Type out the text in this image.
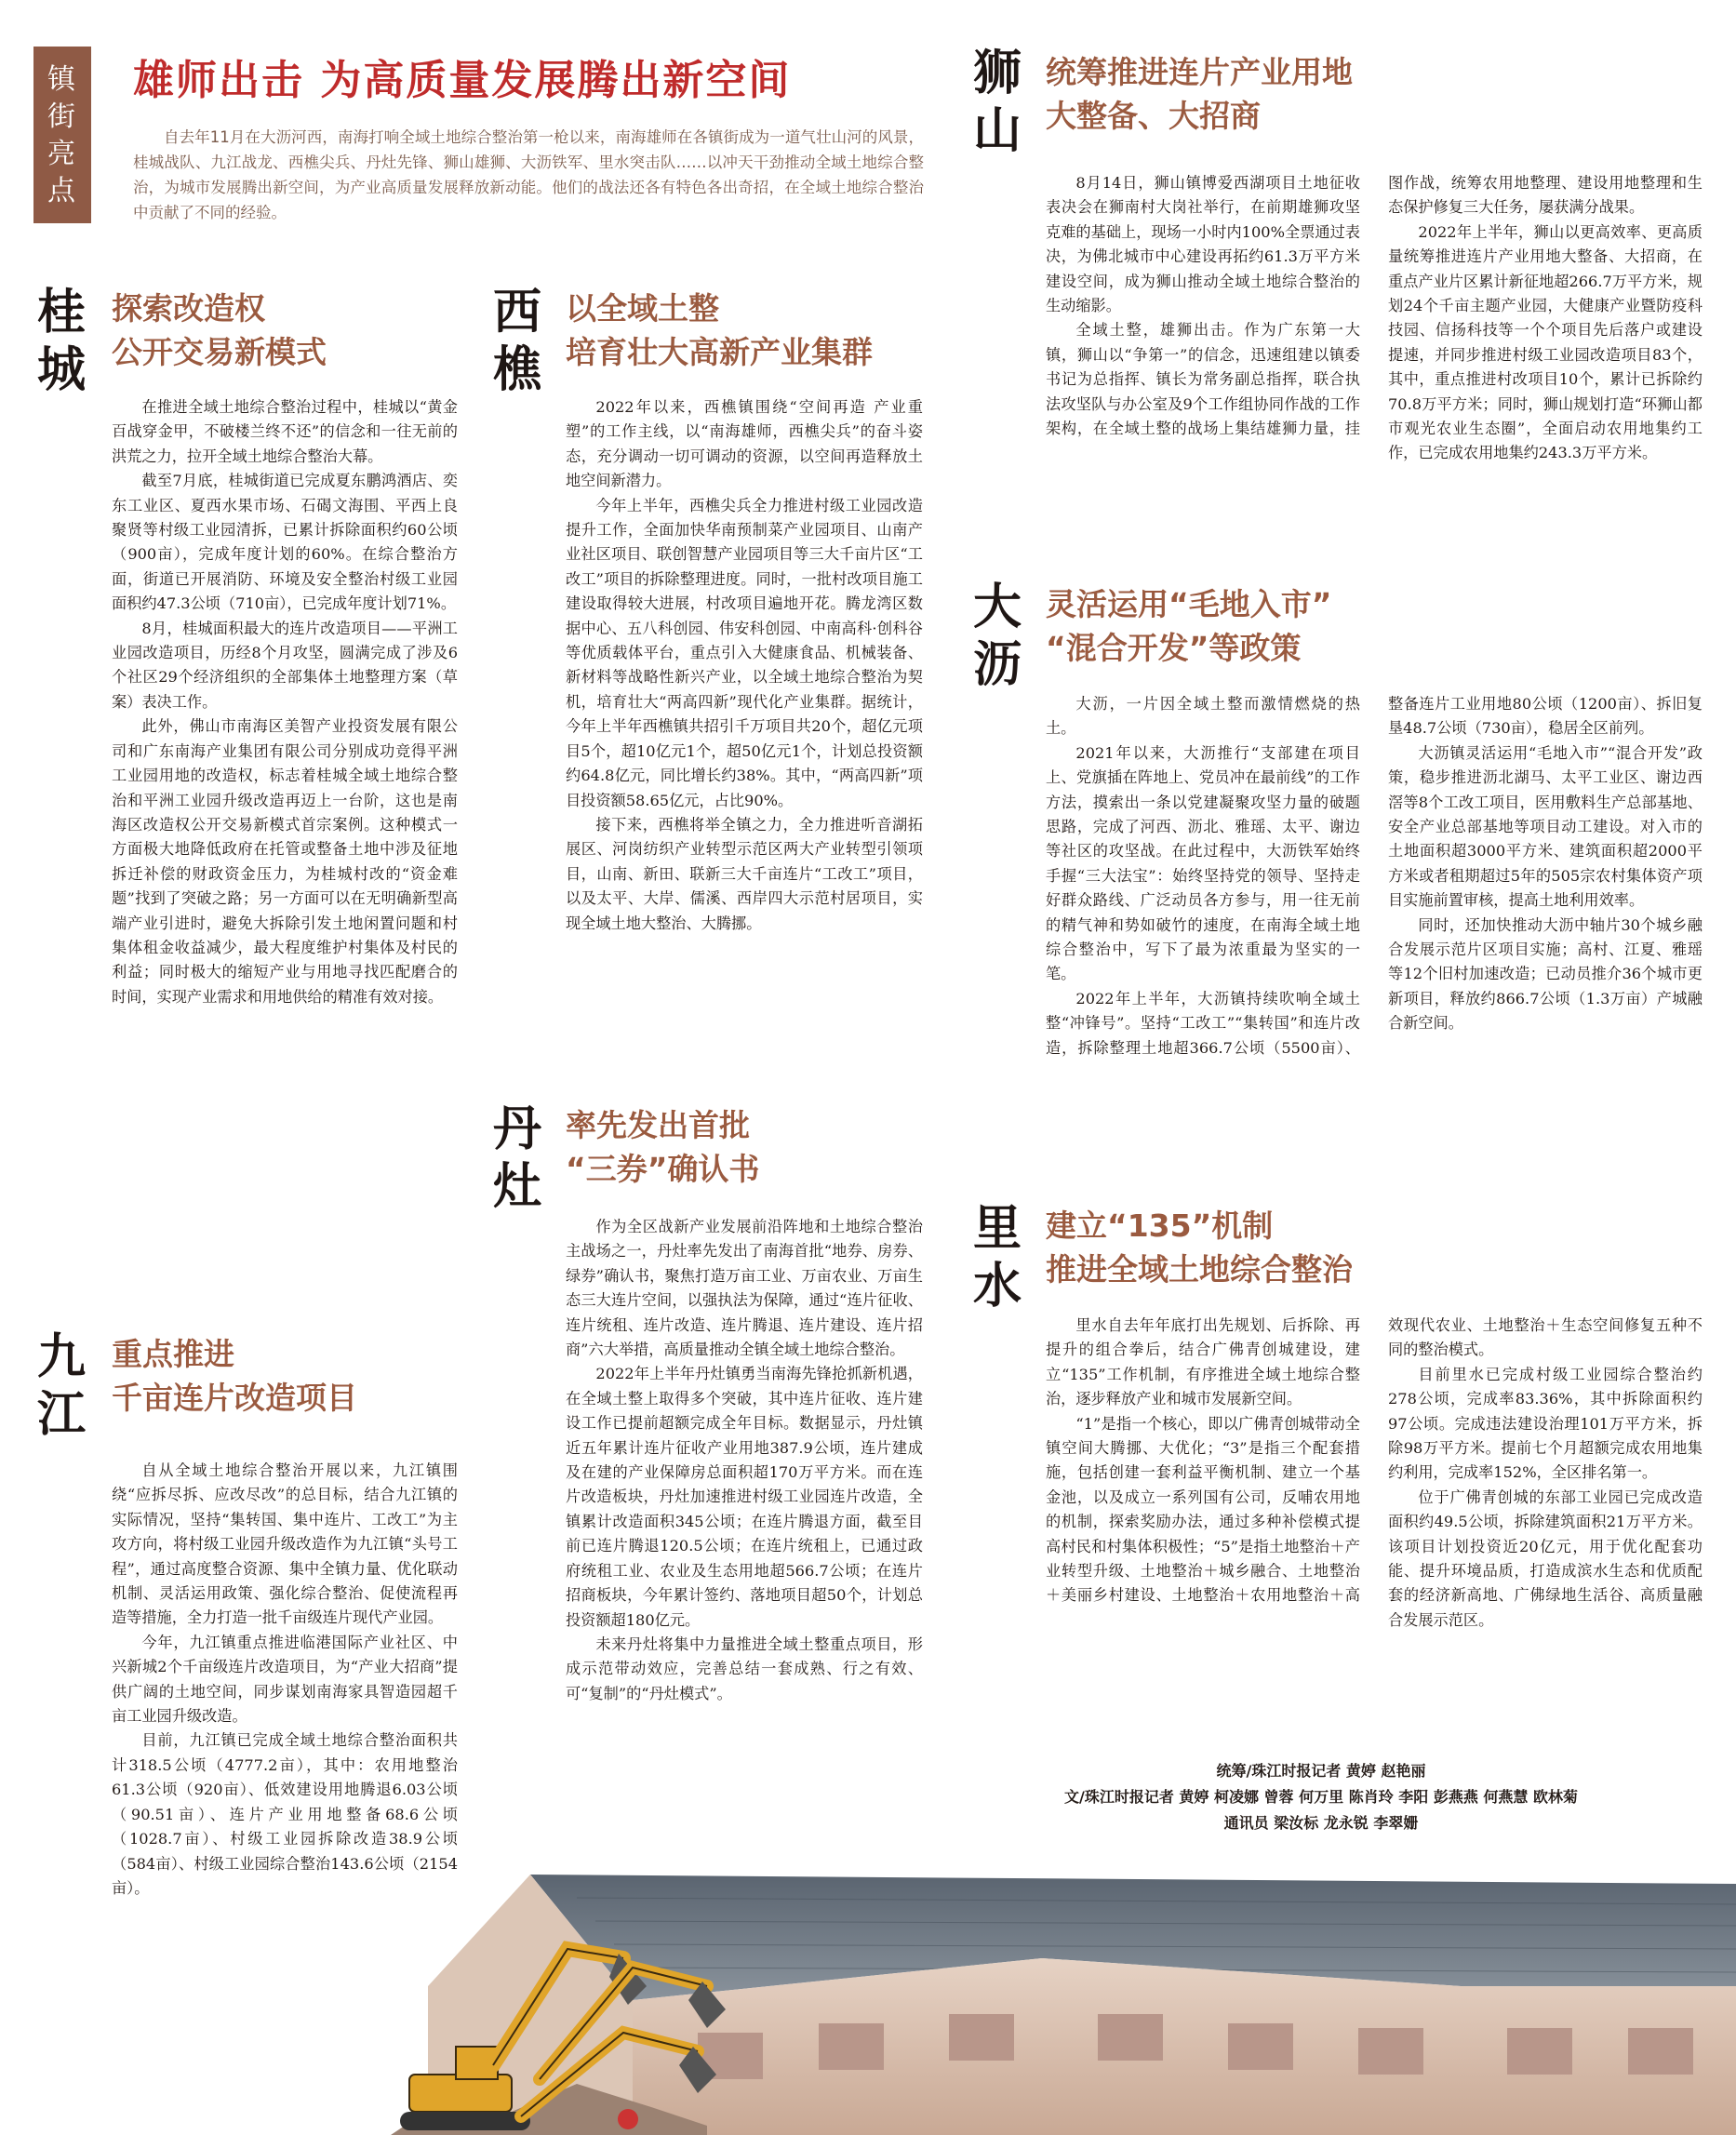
镇街亮点
雄师出击 为高质量发展腾出新空间
自去年11月在大沥河西，南海打响全域土地综合整治第一枪以来，南海雄师在各镇街成为一道气壮山河的风景，桂城战队、九江战龙、西樵尖兵、丹灶先锋、狮山雄狮、大沥铁军、里水突击队……以冲天干劲推动全域土地综合整治，为城市发展腾出新空间，为产业高质量发展释放新动能。他们的战法还各有特色各出奇招，在全域土地综合整治中贡献了不同的经验。
桂城
探索改造权
公开交易新模式

在推进全域土地综合整治过程中，桂城以“黄金百战穿金甲，不破楼兰终不还”的信念和一往无前的洪荒之力，拉开全域土地综合整治大幕。

截至7月底，桂城街道已完成夏东鹏鸿酒店、奕东工业区、夏西水果市场、石碣文海围、平西上良聚贤等村级工业园清拆，已累计拆除面积约60公顷（900亩），完成年度计划的60%。在综合整治方面，街道已开展消防、环境及安全整治村级工业园面积约47.3公顷（710亩），已完成年度计划71%。

8月，桂城面积最大的连片改造项目——平洲工业园改造项目，历经8个月攻坚，圆满完成了涉及6个社区29个经济组织的全部集体土地整理方案（草案）表决工作。

此外，佛山市南海区美智产业投资发展有限公司和广东南海产业集团有限公司分别成功竞得平洲工业园用地的改造权，标志着桂城全域土地综合整治和平洲工业园升级改造再迈上一台阶，这也是南海区改造权公开交易新模式首宗案例。这种模式一方面极大地降低政府在托管或整备土地中涉及征地拆迁补偿的财政资金压力，为桂城村改的“资金难题”找到了突破之路；另一方面可以在无明确新型高端产业引进时，避免大拆除引发土地闲置问题和村集体租金收益减少，最大程度维护村集体及村民的利益；同时极大的缩短产业与用地寻找匹配磨合的时间，实现产业需求和用地供给的精准有效对接。

九江
重点推进
千亩连片改造项目

自从全域土地综合整治开展以来，九江镇围绕“应拆尽拆、应改尽改”的总目标，结合九江镇的实际情况，坚持“集转国、集中连片、工改工”为主攻方向，将村级工业园升级改造作为九江镇“头号工程”，通过高度整合资源、集中全镇力量、优化联动机制、灵活运用政策、强化综合整治、促使流程再造等措施，全力打造一批千亩级连片现代产业园。

今年，九江镇重点推进临港国际产业社区、中兴新城2个千亩级连片改造项目，为“产业大招商”提供广阔的土地空间，同步谋划南海家具智造园超千亩工业园升级改造。

目前，九江镇已完成全域土地综合整治面积共计318.5公顷（4777.2亩），其中：农用地整治61.3公顷（920亩）、低效建设用地腾退6.03公顷（90.51亩）、连片产业用地整备68.6公顷（1028.7亩）、村级工业园拆除改造38.9公顷（584亩）、村级工业园综合整治143.6公顷（2154亩）。

西樵
以全域土整
培育壮大高新产业集群

2022年以来，西樵镇围绕“空间再造 产业重塑”的工作主线，以“南海雄师，西樵尖兵”的奋斗姿态，充分调动一切可调动的资源，以空间再造释放土地空间新潜力。

今年上半年，西樵尖兵全力推进村级工业园改造提升工作，全面加快华南预制菜产业园项目、山南产业社区项目、联创智慧产业园项目等三大千亩片区“工改工”项目的拆除整理进度。同时，一批村改项目施工建设取得较大进展，村改项目遍地开花。腾龙湾区数据中心、五八科创园、伟安科创园、中南高科·创科谷等优质载体平台，重点引入大健康食品、机械装备、新材料等战略性新兴产业，以全域土地综合整治为契机，培育壮大“两高四新”现代化产业集群。据统计，今年上半年西樵镇共招引千万项目共20个，超亿元项目5个，超10亿元1个，超50亿元1个，计划总投资额约64.8亿元，同比增长约38%。其中，“两高四新”项目投资额58.65亿元，占比90%。

接下来，西樵将举全镇之力，全力推进听音湖拓展区、河岗纺织产业转型示范区两大产业转型引领项目，山南、新田、联新三大千亩连片“工改工”项目，以及太平、大岸、儒溪、西岸四大示范村居项目，实现全域土地大整治、大腾挪。

丹灶
率先发出首批
“三券”确认书

作为全区战新产业发展前沿阵地和土地综合整治主战场之一，丹灶率先发出了南海首批“地券、房券、绿券”确认书，聚焦打造万亩工业、万亩农业、万亩生态三大连片空间，以强执法为保障，通过“连片征收、连片统租、连片改造、连片腾退、连片建设、连片招商”六大举措，高质量推动全镇全域土地综合整治。

2022年上半年丹灶镇勇当南海先锋抢抓新机遇，在全域土整上取得多个突破，其中连片征收、连片建设工作已提前超额完成全年目标。数据显示，丹灶镇近五年累计连片征收产业用地387.9公顷，连片建成及在建的产业保障房总面积超170万平方米。而在连片改造板块，丹灶加速推进村级工业园连片改造，全镇累计改造面积345公顷；在连片腾退方面，截至目前已连片腾退120.5公顷；在连片统租上，已通过政府统租工业、农业及生态用地超566.7公顷；在连片招商板块，今年累计签约、落地项目超50个，计划总投资额超180亿元。

未来丹灶将集中力量推进全域土整重点项目，形成示范带动效应，完善总结一套成熟、行之有效、可“复制”的“丹灶模式”。

狮山
统筹推进连片产业用地
大整备、大招商

8月14日，狮山镇博爱西湖项目土地征收表决会在狮南村大岗社举行，在前期雄狮攻坚克难的基础上，现场一小时内100%全票通过表决，为佛北城市中心建设再拓约61.3万平方米建设空间，成为狮山推动全域土地综合整治的生动缩影。

全域土整，雄狮出击。作为广东第一大镇，狮山以“争第一”的信念，迅速组建以镇委书记为总指挥、镇长为常务副总指挥，联合执法攻坚队与办公室及9个工作组协同作战的工作架构，在全域土整的战场上集结雄狮力量，挂图作战，统筹农用地整理、建设用地整理和生态保护修复三大任务，屡获满分战果。

2022年上半年，狮山以更高效率、更高质量统筹推进连片产业用地大整备、大招商，在重点产业片区累计新征地超266.7万平方米，规划24个千亩主题产业园，大健康产业暨防疫科技园、信扬科技等一个个项目先后落户或建设提速，并同步推进村级工业园改造项目83个，其中，重点推进村改项目10个，累计已拆除约70.8万平方米；同时，狮山规划打造“环狮山都市观光农业生态圈”，全面启动农用地集约工作，已完成农用地集约243.3万平方米。

大沥
灵活运用“毛地入市”
“混合开发”等政策

大沥，一片因全域土整而激情燃烧的热土。

2021年以来，大沥推行“支部建在项目上、党旗插在阵地上、党员冲在最前线”的工作方法，摸索出一条以党建凝聚攻坚力量的破题思路，完成了河西、沥北、雅瑶、太平、谢边等社区的攻坚战。在此过程中，大沥铁军始终手握“三大法宝”：始终坚持党的领导、坚持走好群众路线、广泛动员各方参与，用一往无前的精气神和势如破竹的速度，在南海全域土地综合整治中，写下了最为浓重最为坚实的一笔。

2022年上半年，大沥镇持续吹响全域土整“冲锋号”。坚持“工改工”“集转国”和连片改造，拆除整理土地超366.7公顷（5500亩）、整备连片工业用地80公顷（1200亩）、拆旧复垦48.7公顷（730亩），稳居全区前列。

大沥镇灵活运用“毛地入市”“混合开发”政策，稳步推进沥北湖马、太平工业区、谢边西滘等8个工改工项目，医用敷料生产总部基地、安全产业总部基地等项目动工建设。对入市的土地面积超3000平方米、建筑面积超2000平方米或者租期超过5年的505宗农村集体资产项目实施前置审核，提高土地利用效率。

同时，还加快推动大沥中轴片30个城乡融合发展示范片区项目实施；高村、江夏、雅瑶等12个旧村加速改造；已动员推介36个城市更新项目，释放约866.7公顷（1.3万亩）产城融合新空间。

里水
建立“135”机制
推进全域土地综合整治

里水自去年年底打出先规划、后拆除、再提升的组合拳后，结合广佛青创城建设，建立“135”工作机制，有序推进全域土地综合整治，逐步释放产业和城市发展新空间。

“1”是指一个核心，即以广佛青创城带动全镇空间大腾挪、大优化；“3”是指三个配套措施，包括创建一套利益平衡机制、建立一个基金池，以及成立一系列国有公司，反哺农用地的机制，探索奖励办法，通过多种补偿模式提高村民和村集体积极性；“5”是指土地整治＋产业转型升级、土地整治＋城乡融合、土地整治＋美丽乡村建设、土地整治＋农用地整治＋高效现代农业、土地整治＋生态空间修复五种不同的整治模式。

目前里水已完成村级工业园综合整治约278公顷，完成率83.36%，其中拆除面积约97公顷。完成违法建设治理101万平方米，拆除98万平方米。提前七个月超额完成农用地集约利用，完成率152%，全区排名第一。

位于广佛青创城的东部工业园已完成改造面积约49.5公顷，拆除建筑面积21万平方米。该项目计划投资近20亿元，用于优化配套功能、提升环境品质，打造成滨水生态和优质配套的经济新高地、广佛绿地生活谷、高质量融合发展示范区。

统筹/珠江时报记者 黄婷 赵艳丽
文/珠江时报记者 黄婷 柯凌娜 曾蓉 何万里 陈肖玲 李阳 彭燕燕 何燕慧 欧林菊
通讯员 梁汝标 龙永锐 李翠姗
